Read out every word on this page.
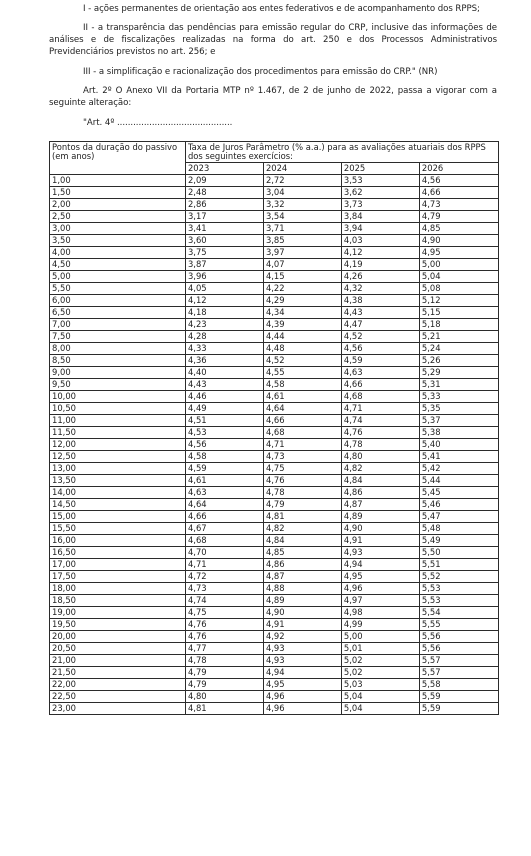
I - ações permanentes de orientação aos entes federativos e de acompanhamento dos RPPS;

II - a transparência das pendências para emissão regular do CRP, inclusive das informações de análises e de fiscalizações realizadas na forma do art. 250 e dos Processos Administrativos Previdenciários previstos no art. 256; e

III - a simplificação e racionalização dos procedimentos para emissão do CRP." (NR)

Art. 2º O Anexo VII da Portaria MTP nº 1.467, de 2 de junho de 2022, passa a vigorar com a seguinte alteração:

"Art. 4º ...........................................

Pontos da duração do passivo (em anos)	Taxa de Juros Parâmetro (% a.a.) para as avaliações atuariais dos RPPS dos seguintes exercícios:			
	2023	2024	2025	2026
1,00	2,09	2,72	3,53	4,56
1,50	2,48	3,04	3,62	4,66
2,00	2,86	3,32	3,73	4,73
2,50	3,17	3,54	3,84	4,79
3,00	3,41	3,71	3,94	4,85
3,50	3,60	3,85	4,03	4,90
4,00	3,75	3,97	4,12	4,95
4,50	3,87	4,07	4,19	5,00
5,00	3,96	4,15	4,26	5,04
5,50	4,05	4,22	4,32	5,08
6,00	4,12	4,29	4,38	5,12
6,50	4,18	4,34	4,43	5,15
7,00	4,23	4,39	4,47	5,18
7,50	4,28	4,44	4,52	5,21
8,00	4,33	4,48	4,56	5,24
8,50	4,36	4,52	4,59	5,26
9,00	4,40	4,55	4,63	5,29
9,50	4,43	4,58	4,66	5,31
10,00	4,46	4,61	4,68	5,33
10,50	4,49	4,64	4,71	5,35
11,00	4,51	4,66	4,74	5,37
11,50	4,53	4,68	4,76	5,38
12,00	4,56	4,71	4,78	5,40
12,50	4,58	4,73	4,80	5,41
13,00	4,59	4,75	4,82	5,42
13,50	4,61	4,76	4,84	5,44
14,00	4,63	4,78	4,86	5,45
14,50	4,64	4,79	4,87	5,46
15,00	4,66	4,81	4,89	5,47
15,50	4,67	4,82	4,90	5,48
16,00	4,68	4,84	4,91	5,49
16,50	4,70	4,85	4,93	5,50
17,00	4,71	4,86	4,94	5,51
17,50	4,72	4,87	4,95	5,52
18,00	4,73	4,88	4,96	5,53
18,50	4,74	4,89	4,97	5,53
19,00	4,75	4,90	4,98	5,54
19,50	4,76	4,91	4,99	5,55
20,00	4,76	4,92	5,00	5,56
20,50	4,77	4,93	5,01	5,56
21,00	4,78	4,93	5,02	5,57
21,50	4,79	4,94	5,02	5,57
22,00	4,79	4,95	5,03	5,58
22,50	4,80	4,96	5,04	5,59
23,00	4,81	4,96	5,04	5,59
